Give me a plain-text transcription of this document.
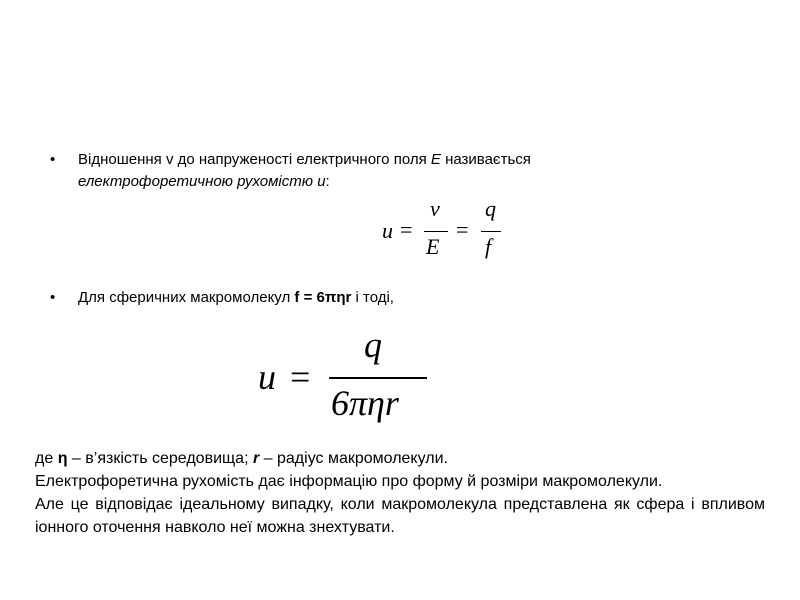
• Відношення v до напруженості електричного поля E називається
електрофоретичною рухомістю u:
u =
v
E
=
q
f
• Для сферичних макромолекул f = 6πηr і тоді,
u =
q
6πηr

де η – в’язкість середовища; r – радіус макромолекули.

Електрофоретична рухомість дає інформацію про форму й розміри макромолекули.

Але це відповідає ідеальному випадку, коли макромолекула представлена як сфера і впливом іонного оточення навколо неї можна знехтувати.
